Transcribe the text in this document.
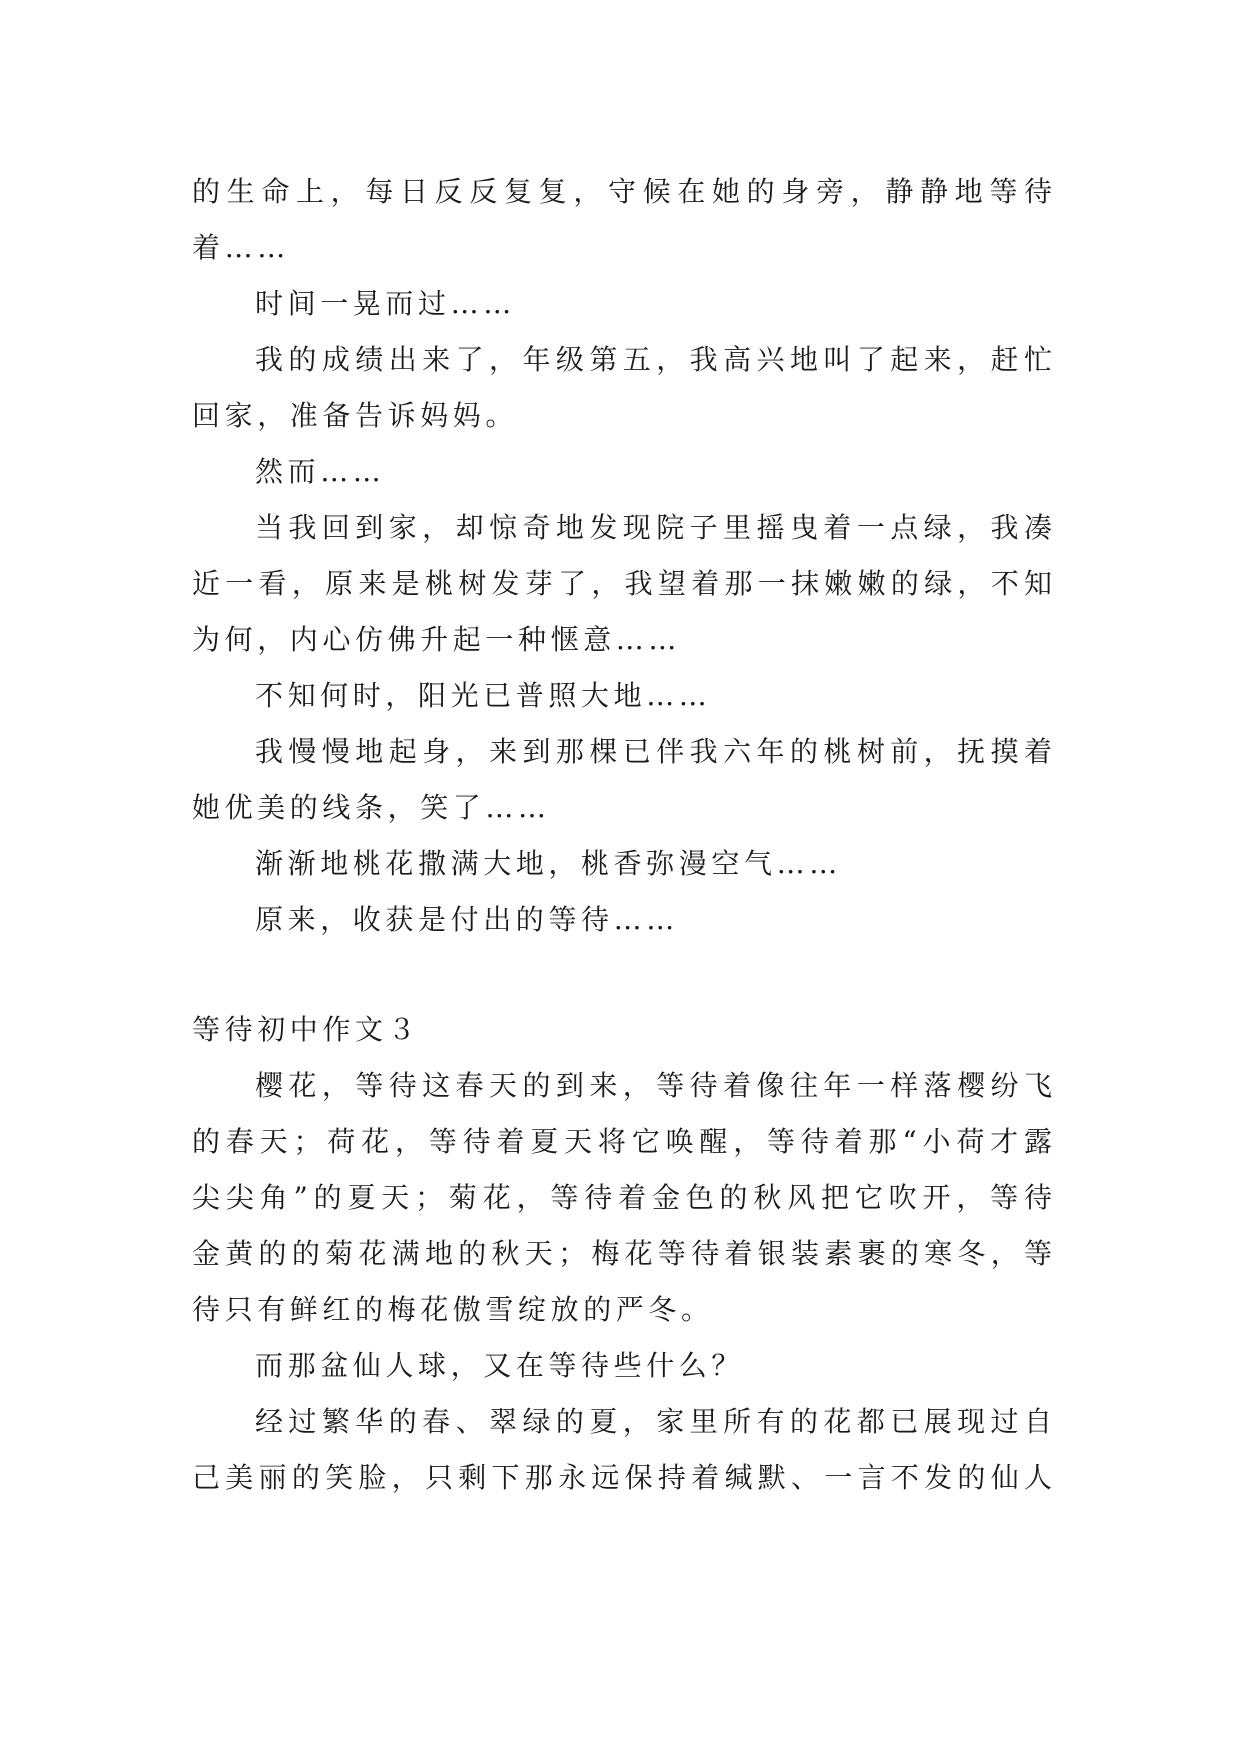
的生命上，每日反反复复，守候在她的身旁，静静地等待
着……
时间一晃而过……
我的成绩出来了，年级第五，我高兴地叫了起来，赶忙
回家，准备告诉妈妈。
然而……
当我回到家，却惊奇地发现院子里摇曳着一点绿，我凑
近一看，原来是桃树发芽了，我望着那一抹嫩嫩的绿，不知
为何，内心仿佛升起一种惬意……
不知何时，阳光已普照大地……
我慢慢地起身，来到那棵已伴我六年的桃树前，抚摸着
她优美的线条，笑了……
渐渐地桃花撒满大地，桃香弥漫空气……
原来，收获是付出的等待……
等待初中作文３
樱花，等待这春天的到来，等待着像往年一样落樱纷飞
的春天；荷花，等待着夏天将它唤醒，等待着那“小荷才露
尖尖角”的夏天；菊花，等待着金色的秋风把它吹开，等待
金黄的的菊花满地的秋天；梅花等待着银装素裹的寒冬，等
待只有鲜红的梅花傲雪绽放的严冬。
而那盆仙人球，又在等待些什么？
经过繁华的春、翠绿的夏，家里所有的花都已展现过自
己美丽的笑脸，只剩下那永远保持着缄默、一言不发的仙人
